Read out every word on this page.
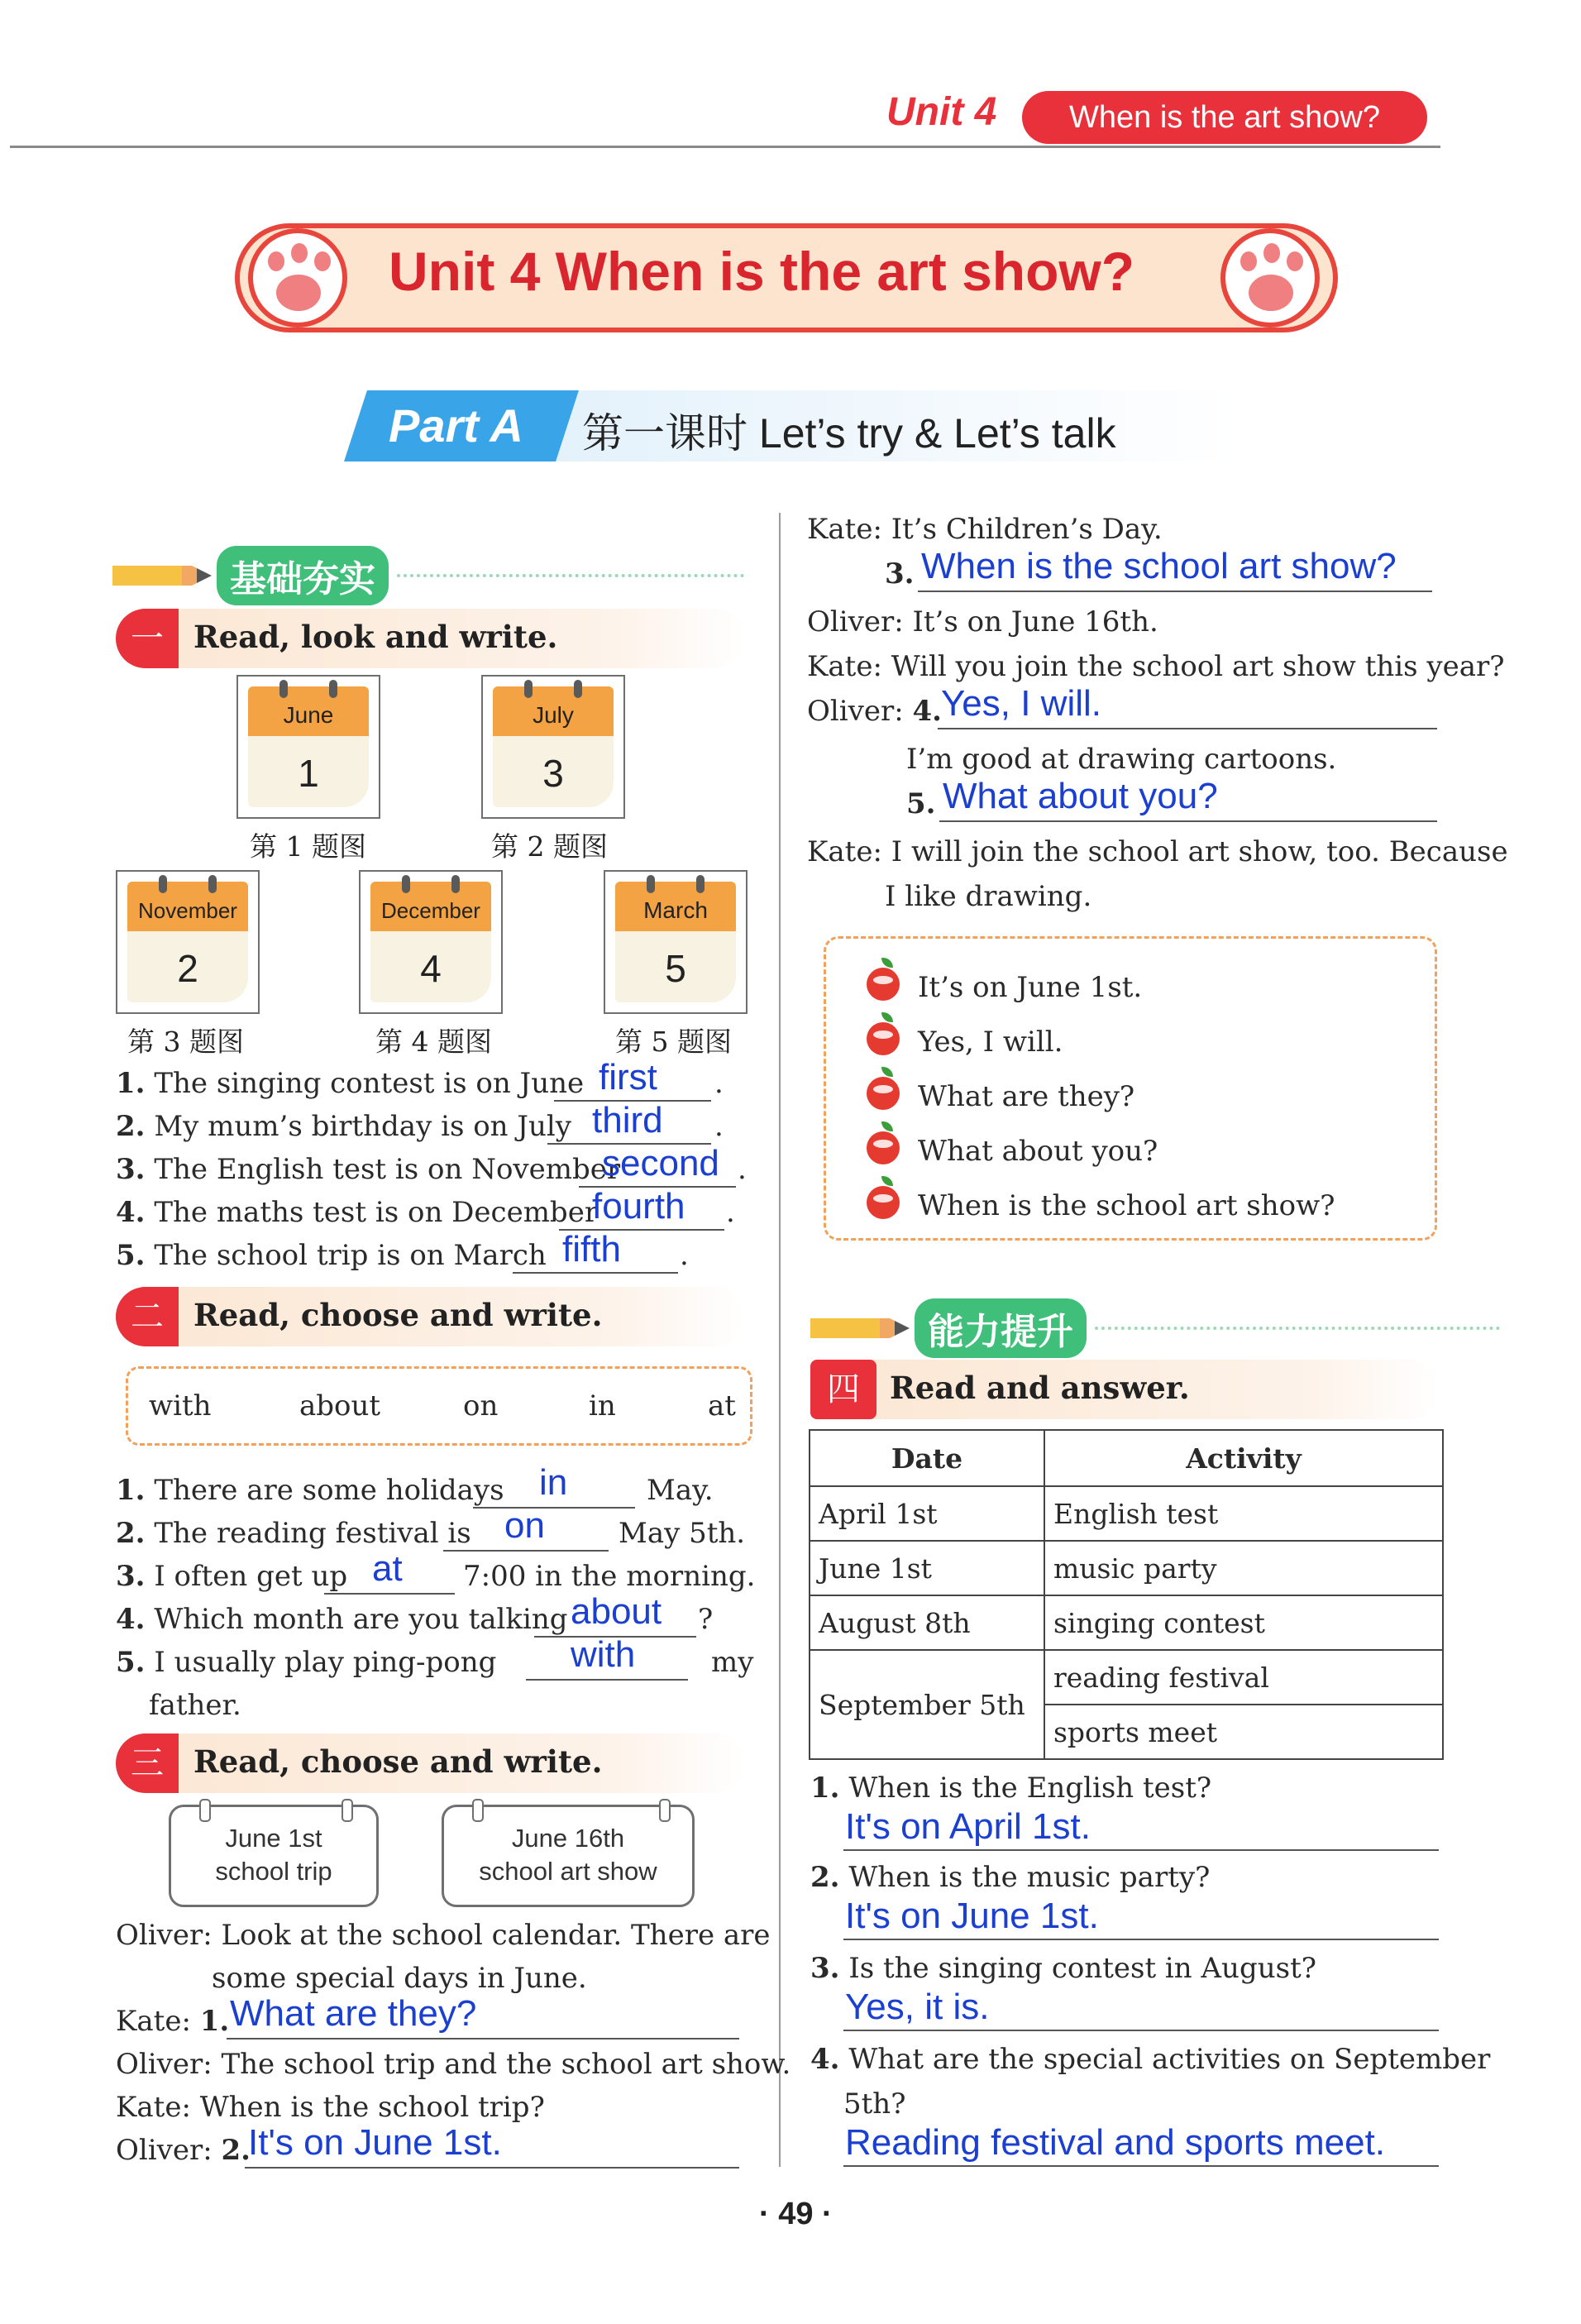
Unit 4	When is the art show?
Unit 4 When is the art show?
Part A 第一课时 Let’s try & Let’s talk
基础夯实
一 Read, look and write.
June
1
July
3
第 1 题图	第 2 题图
November
2
December
4
March
5
第 3 题图	第 4 题图	第 5 题图
1. The singing contest is on June first .
2. My mum’s birthday is on July third .
3. The English test is on November
second .
4. The maths test is on December
fourth .
5. The school trip is on March fifth .
二 Read, choose and write.
with	about	on	in	at
1. There are some holidays in	May.
2. The reading festival is on	May 5th.
3. I often get up at 7:00 in the morning.
4. Which month are you talking about ?
5. I usually play ping-pong with	my
father.
三 Read, choose and write.
June 1st
school trip
June 16th
school art show
Oliver: Look at the school calendar. There are
some special days in June.
Kate: 1. What are they?
Oliver: The school trip and the school art show.
Kate: When is the school trip?
Oliver: 2.
It's on June 1st.
Kate: It’s Children’s Day.
3. When is the school art show?
Oliver: It’s on June 16th.
Kate: Will you join the school art show this year?
Oliver: 4. Yes, I will.
I’m good at drawing cartoons.
5. What about you?
Kate: I will join the school art show, too. Because
I like drawing.
It’s on June 1st.
Yes, I will.
What are they?
What about you?
When is the school art show?
能力提升
四 Read and answer.
Date	Activity
April 1st	English test
June 1st	music party
August 8th	singing contest
September 5th	reading festival
	sports meet
1. When is the English test?
It's on April 1st.
2. When is the music party?
It's on June 1st.
3. Is the singing contest in August?
Yes, it is.
4. What are the special activities on September
5th?
Reading festival and sports meet.
· 49 ·
